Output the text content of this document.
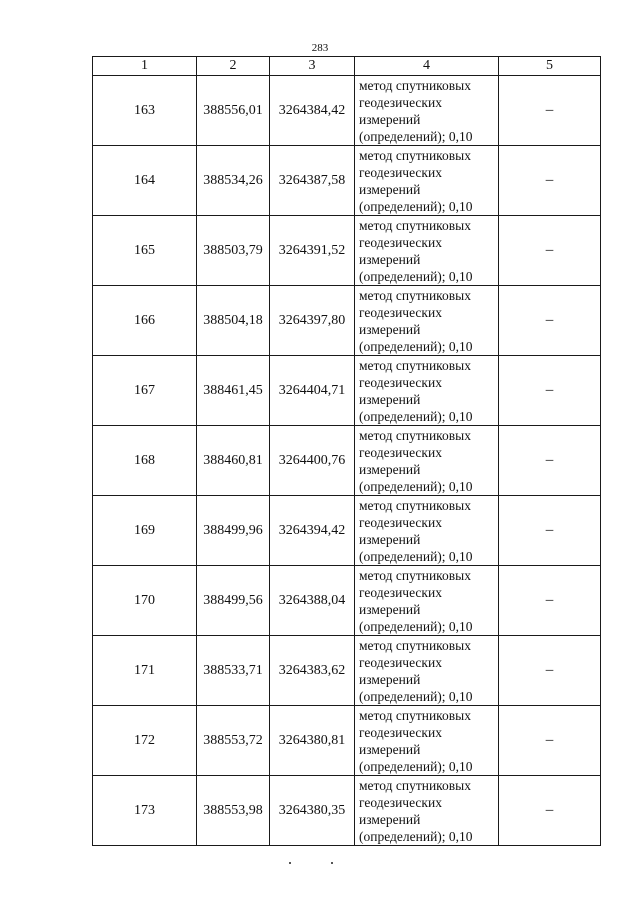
283
1	2	3	4	5
163	388556,01	3264384,42	метод спутниковых
геодезических
измерений
(определений); 0,10	–
164	388534,26	3264387,58	метод спутниковых
геодезических
измерений
(определений); 0,10	–
165	388503,79	3264391,52	метод спутниковых
геодезических
измерений
(определений); 0,10	–
166	388504,18	3264397,80	метод спутниковых
геодезических
измерений
(определений); 0,10	–
167	388461,45	3264404,71	метод спутниковых
геодезических
измерений
(определений); 0,10	–
168	388460,81	3264400,76	метод спутниковых
геодезических
измерений
(определений); 0,10	–
169	388499,96	3264394,42	метод спутниковых
геодезических
измерений
(определений); 0,10	–
170	388499,56	3264388,04	метод спутниковых
геодезических
измерений
(определений); 0,10	–
171	388533,71	3264383,62	метод спутниковых
геодезических
измерений
(определений); 0,10	–
172	388553,72	3264380,81	метод спутниковых
геодезических
измерений
(определений); 0,10	–
173	388553,98	3264380,35	метод спутниковых
геодезических
измерений
(определений); 0,10	–
